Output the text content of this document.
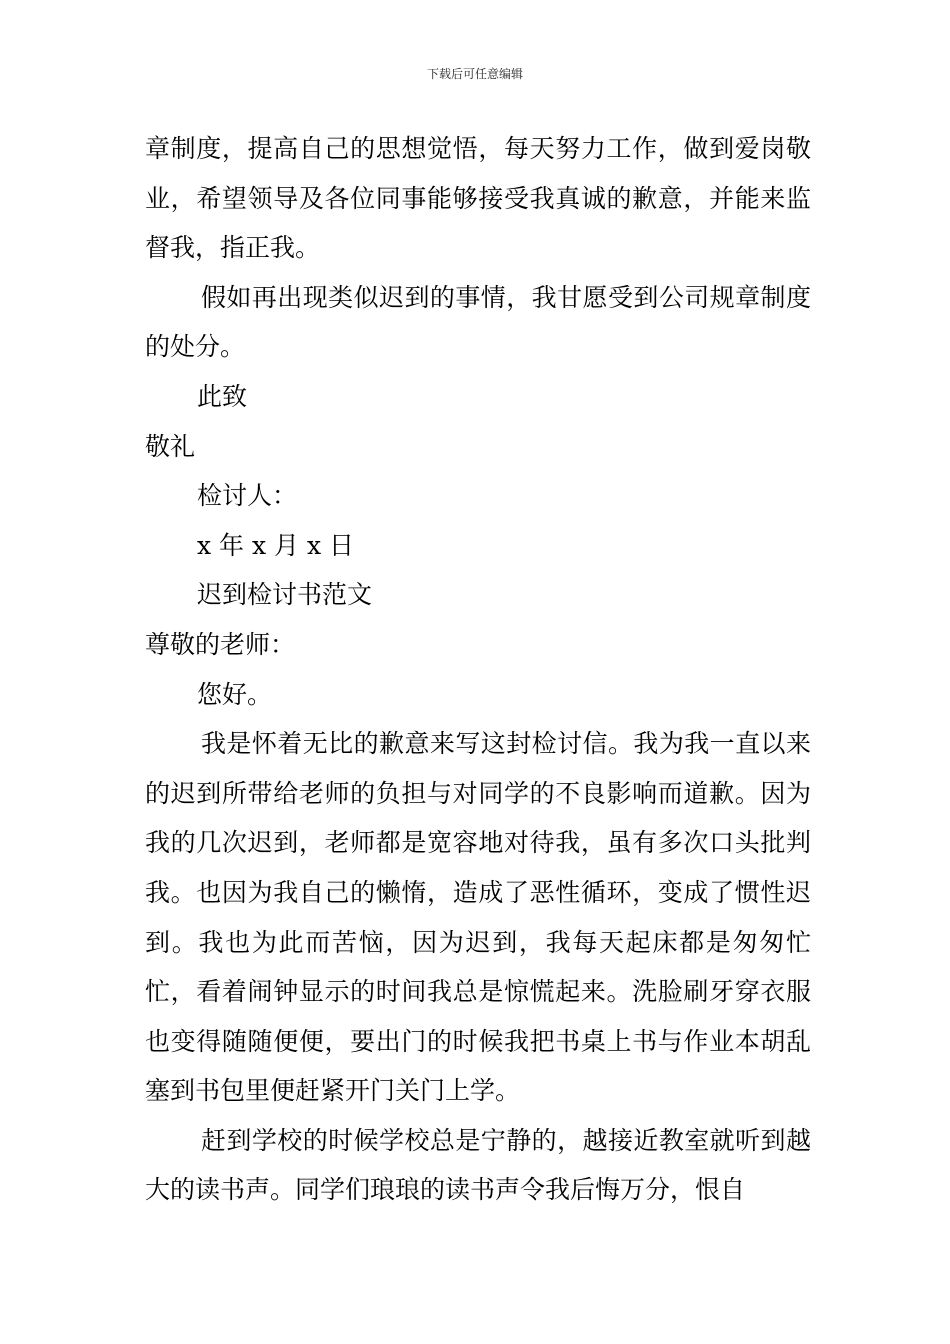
下载后可任意编辑

章制度，提高自己的思想觉悟，每天努力工作，做到爱岗敬业，希望领导及各位同事能够接受我真诚的歉意，并能来监督我，指正我。

假如再出现类似迟到的事情，我甘愿受到公司规章制度的处分。

此致

敬礼

检讨人：

x 年 x 月 x 日

迟到检讨书范文

尊敬的老师：

您好。

我是怀着无比的歉意来写这封检讨信。我为我一直以来的迟到所带给老师的负担与对同学的不良影响而道歉。因为我的几次迟到，老师都是宽容地对待我，虽有多次口头批判我。也因为我自己的懒惰，造成了恶性循环，变成了惯性迟到。我也为此而苦恼，因为迟到，我每天起床都是匆匆忙忙，看着闹钟显示的时间我总是惊慌起来。洗脸刷牙穿衣服也变得随随便便，要出门的时候我把书桌上书与作业本胡乱塞到书包里便赶紧开门关门上学。

赶到学校的时候学校总是宁静的，越接近教室就听到越大的读书声。同学们琅琅的读书声令我后悔万分，恨自
